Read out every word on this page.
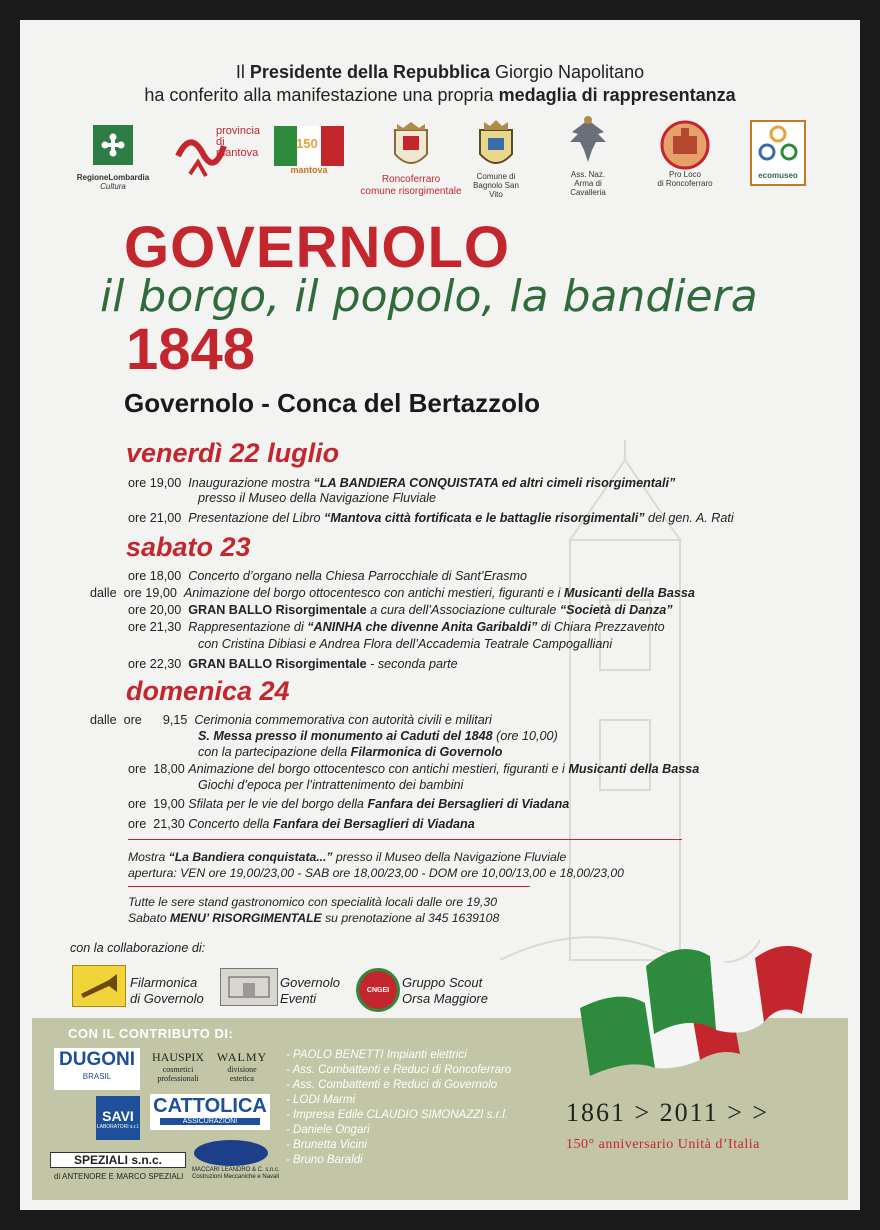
Il Presidente della Repubblica Giorgio Napolitano
ha conferito alla manifestazione una propria medaglia di rappresentanza
RegioneLombardia
Cultura
provincia di mantova
150
mantova
Roncoferraro
comune risorgimentale
Comune di
Bagnolo San Vito
Ass. Naz.
Arma di Cavalleria
Pro Loco
di Roncoferraro
ecomuseo
GOVERNOLO
il borgo, il popolo, la bandiera
1848
Governolo - Conca del Bertazzolo
venerdì 22 luglio
ore 19,00 Inaugurazione mostra “LA BANDIERA CONQUISTATA ed altri cimeli risorgimentali”
presso il Museo della Navigazione Fluviale
ore 21,00 Presentazione del Libro “Mantova città fortificata e le battaglie risorgimentali” del gen. A. Rati
sabato 23
ore 18,00 Concerto d’organo nella Chiesa Parrocchiale di Sant’Erasmo
dalle ore 19,00 Animazione del borgo ottocentesco con antichi mestieri, figuranti e i Musicanti della Bassa
ore 20,00 GRAN BALLO Risorgimentale a cura dell’Associazione culturale “Società di Danza”
ore 21,30 Rappresentazione di “ANINHA che divenne Anita Garibaldi” di Chiara Prezzavento
con Cristina Dibiasi e Andrea Flora dell’Accademia Teatrale Campogalliani
ore 22,30 GRAN BALLO Risorgimentale - seconda parte
domenica 24
dalle ore 9,15 Cerimonia commemorativa con autorità civili e militari
S. Messa presso il monumento ai Caduti del 1848 (ore 10,00)
con la partecipazione della Filarmonica di Governolo
ore 18,00 Animazione del borgo ottocentesco con antichi mestieri, figuranti e i Musicanti della Bassa
Giochi d’epoca per l’intrattenimento dei bambini
ore 19,00 Sfilata per le vie del borgo della Fanfara dei Bersaglieri di Viadana
ore 21,30 Concerto della Fanfara dei Bersaglieri di Viadana
Mostra “La Bandiera conquistata...” presso il Museo della Navigazione Fluviale
apertura: VEN ore 19,00/23,00 - SAB ore 18,00/23,00 - DOM ore 10,00/13,00 e 18,00/23,00
Tutte le sere stand gastronomico con specialità locali dalle ore 19,30
Sabato MENU’ RISORGIMENTALE su prenotazione al 345 1639108
con la collaborazione di:
Filarmonica
di Governolo
Governolo
Eventi
CNGEI Gruppo Scout
Orsa Maggiore
CON IL CONTRIBUTO DI:
DUGONI
BRASIL
HAUSPIX
cosmetici
professionali
WALMY
divisione
estetica
SAVI
LABORATORI s.r.l.
CATTOLICA
ASSICURAZIONI
SPEZIALI s.n.c.
di ANTENORE E MARCO SPEZIALI
MACCARI LEANDRO & C. s.n.c.
Costruzioni Meccaniche e Navali
- PAOLO BENETTI Impianti elettrici
- Ass. Combattenti e Reduci di Roncoferraro
- Ass. Combattenti e Reduci di Governolo
- LODI Marmi
- Impresa Edile CLAUDIO SIMONAZZI s.r.l.
- Daniele Ongari
- Brunetta Vicini
- Bruno Baraldi
1861 > 2011 > >
150° anniversario Unità d’Italia
